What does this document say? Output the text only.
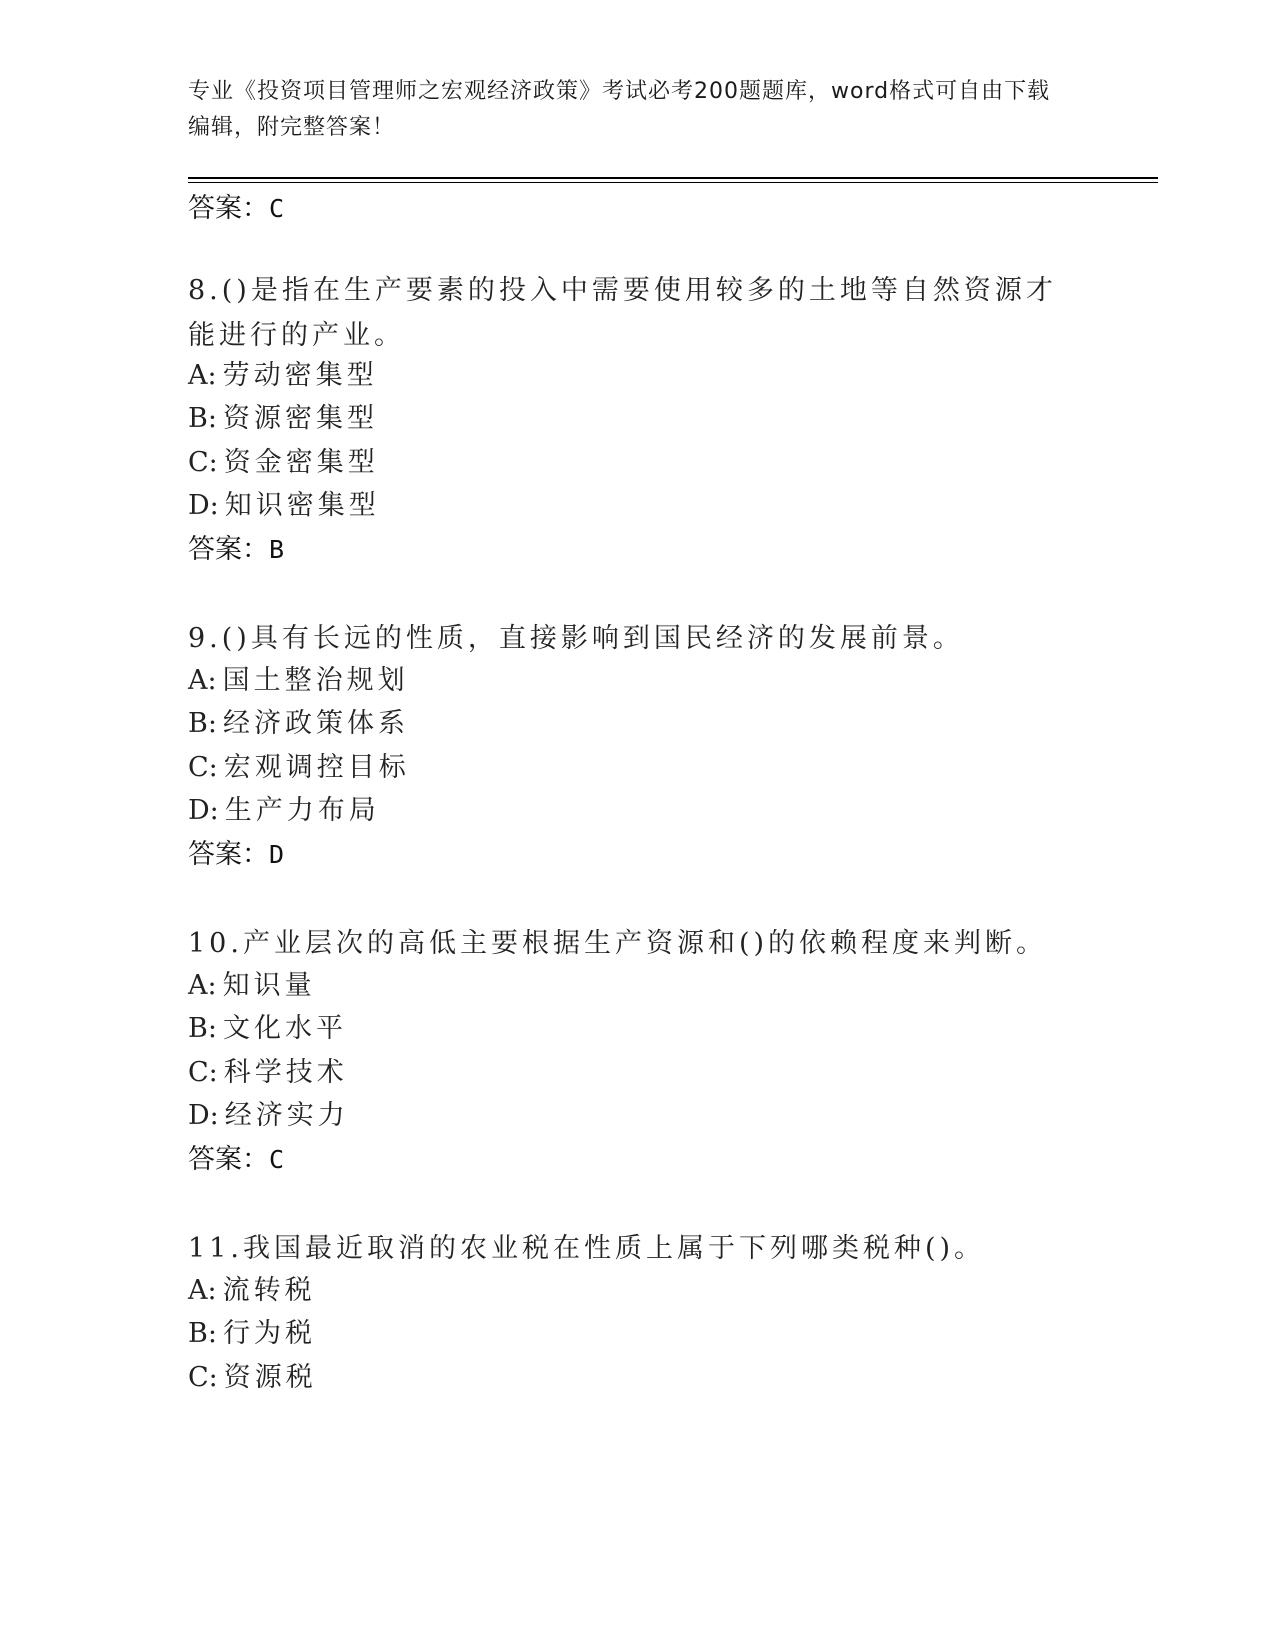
专业《投资项目管理师之宏观经济政策》考试必考200题题库，word格式可自由下载编辑，附完整答案！
答案：C
8.()是指在生产要素的投入中需要使用较多的土地等自然资源才能进行的产业。
A: 劳动密集型
B: 资源密集型
C: 资金密集型
D: 知识密集型
答案：B
9.()具有长远的性质，直接影响到国民经济的发展前景。
A: 国土整治规划
B: 经济政策体系
C: 宏观调控目标
D: 生产力布局
答案：D
10.产业层次的高低主要根据生产资源和()的依赖程度来判断。
A: 知识量
B: 文化水平
C: 科学技术
D: 经济实力
答案：C
11.我国最近取消的农业税在性质上属于下列哪类税种()。
A: 流转税
B: 行为税
C: 资源税
